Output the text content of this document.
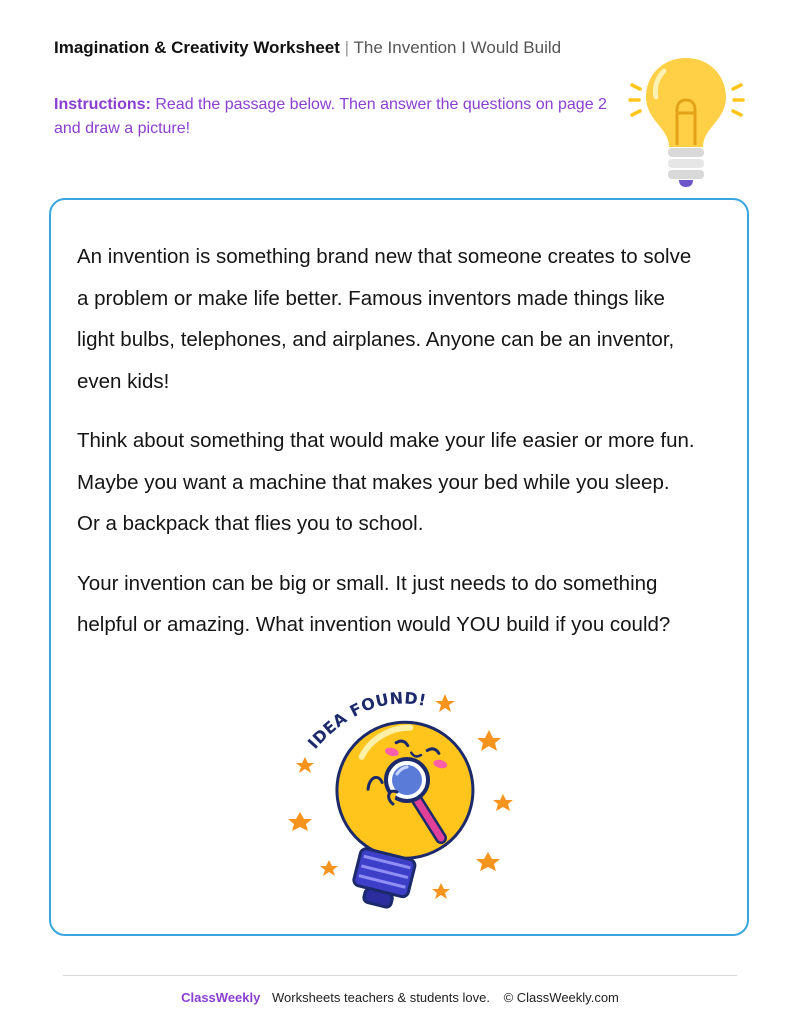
Imagination & Creativity Worksheet | The Invention I Would Build
Instructions: Read the passage below. Then answer the questions on page 2 and draw a picture!

An invention is something brand new that someone creates to solve a problem or make life better. Famous inventors made things like light bulbs, telephones, and airplanes. Anyone can be an inventor, even kids!

Think about something that would make your life easier or more fun. Maybe you want a machine that makes your bed while you sleep. Or a backpack that flies you to school.

Your invention can be big or small. It just needs to do something helpful or amazing. What invention would YOU build if you could?

IDEA FOUND!
ClassWeekly Worksheets teachers & students love. © ClassWeekly.com
